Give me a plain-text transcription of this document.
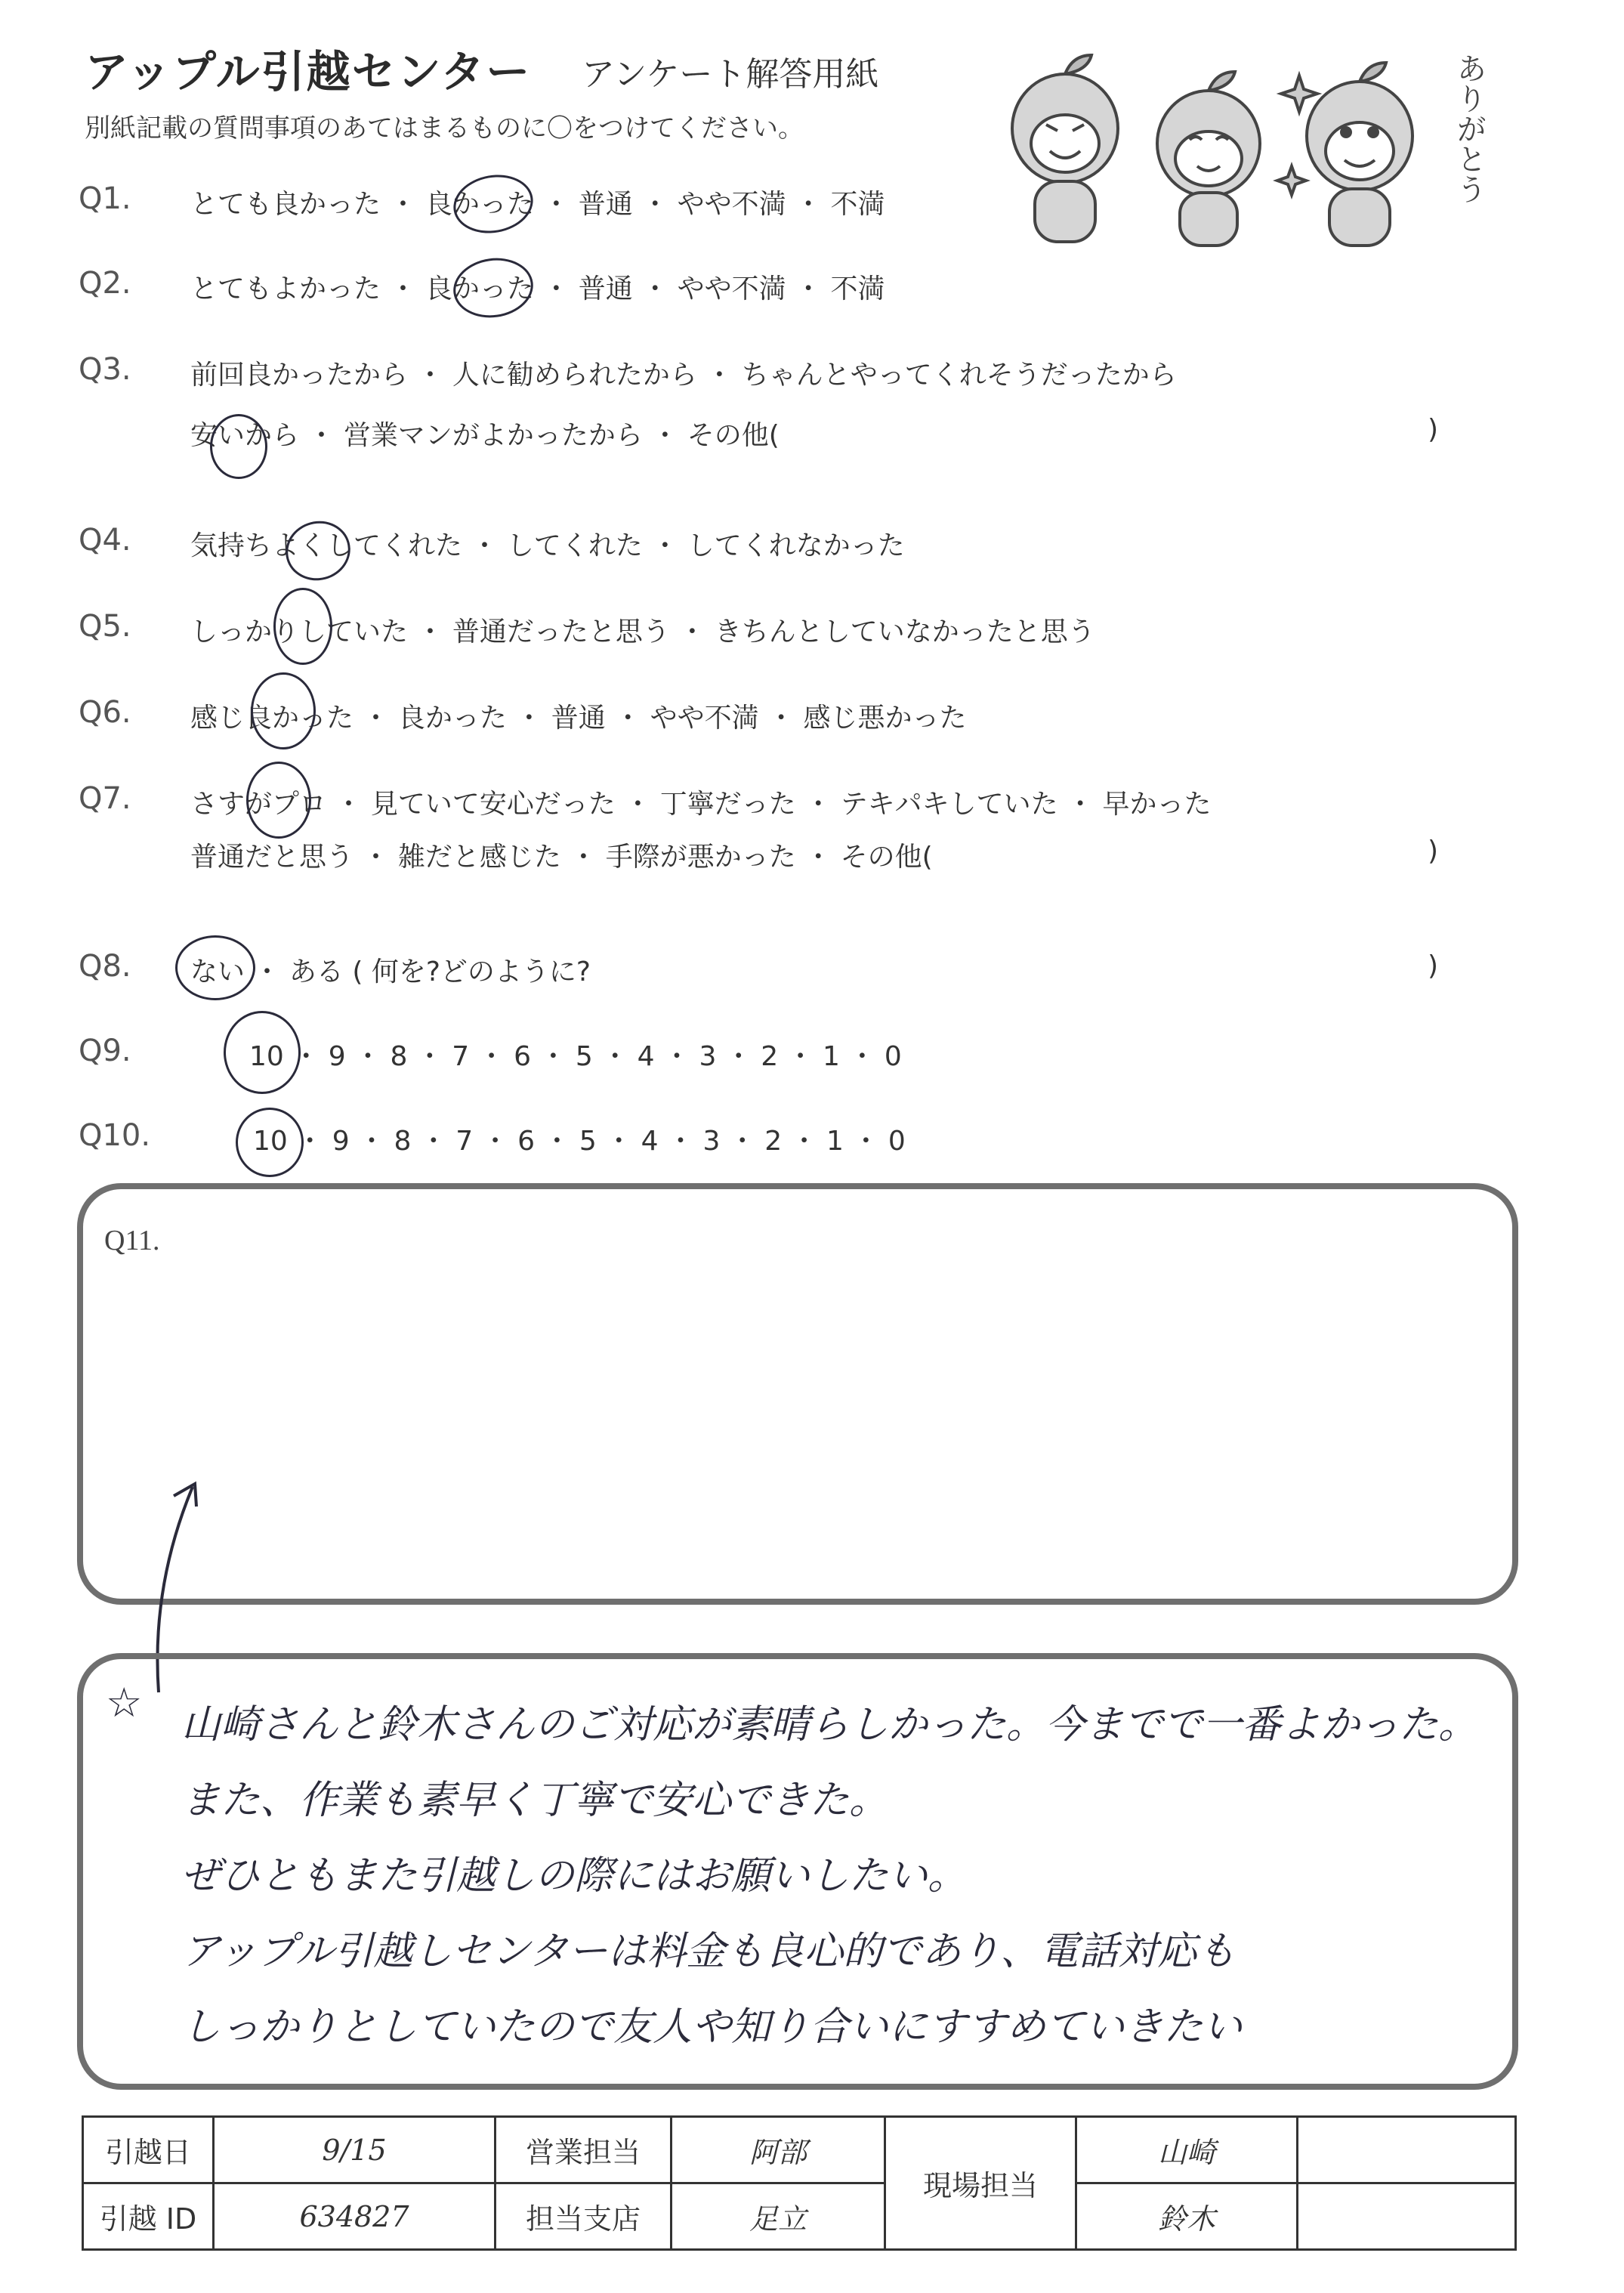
アップル引越センター アンケート解答用紙
別紙記載の質問事項のあてはまるものに〇をつけてください。	ありがとう
Q1. とても良かった ・ 良かった ・ 普通 ・ やや不満 ・ 不満
Q2. とてもよかった ・ 良かった ・ 普通 ・ やや不満 ・ 不満
Q3. 前回良かったから ・ 人に勧められたから ・ ちゃんとやってくれそうだったから
安いから ・ 営業マンがよかったから ・ その他(	)
Q4. 気持ちよくしてくれた ・ してくれた ・ してくれなかった
Q5. しっかりしていた ・ 普通だったと思う ・ きちんとしていなかったと思う
Q6. 感じ良かった ・ 良かった ・ 普通 ・ やや不満 ・ 感じ悪かった
Q7. さすがプロ ・ 見ていて安心だった ・ 丁寧だった ・ テキパキしていた ・ 早かった
普通だと思う ・ 雑だと感じた ・ 手際が悪かった ・ その他(	)
Q8. ない ・ ある ( 何を?どのように?	)
Q9.	10 ・ 9 ・ 8 ・ 7 ・ 6 ・ 5 ・ 4 ・ 3 ・ 2 ・ 1 ・ 0
Q10.	10 ・ 9 ・ 8 ・ 7 ・ 6 ・ 5 ・ 4 ・ 3 ・ 2 ・ 1 ・ 0
Q11.
☆ 山崎さんと鈴木さんのご対応が素晴らしかった。今までで一番よかった。
また、作業も素早く丁寧で安心できた。
ぜひともまた引越しの際にはお願いしたい。
アップル引越しセンターは料金も良心的であり、電話対応も
しっかりとしていたので友人や知り合いにすすめていきたい
引越日	9/15	営業担当	阿部	現場担当	山崎	
引越 ID	634827	担当支店	足立		鈴木	
